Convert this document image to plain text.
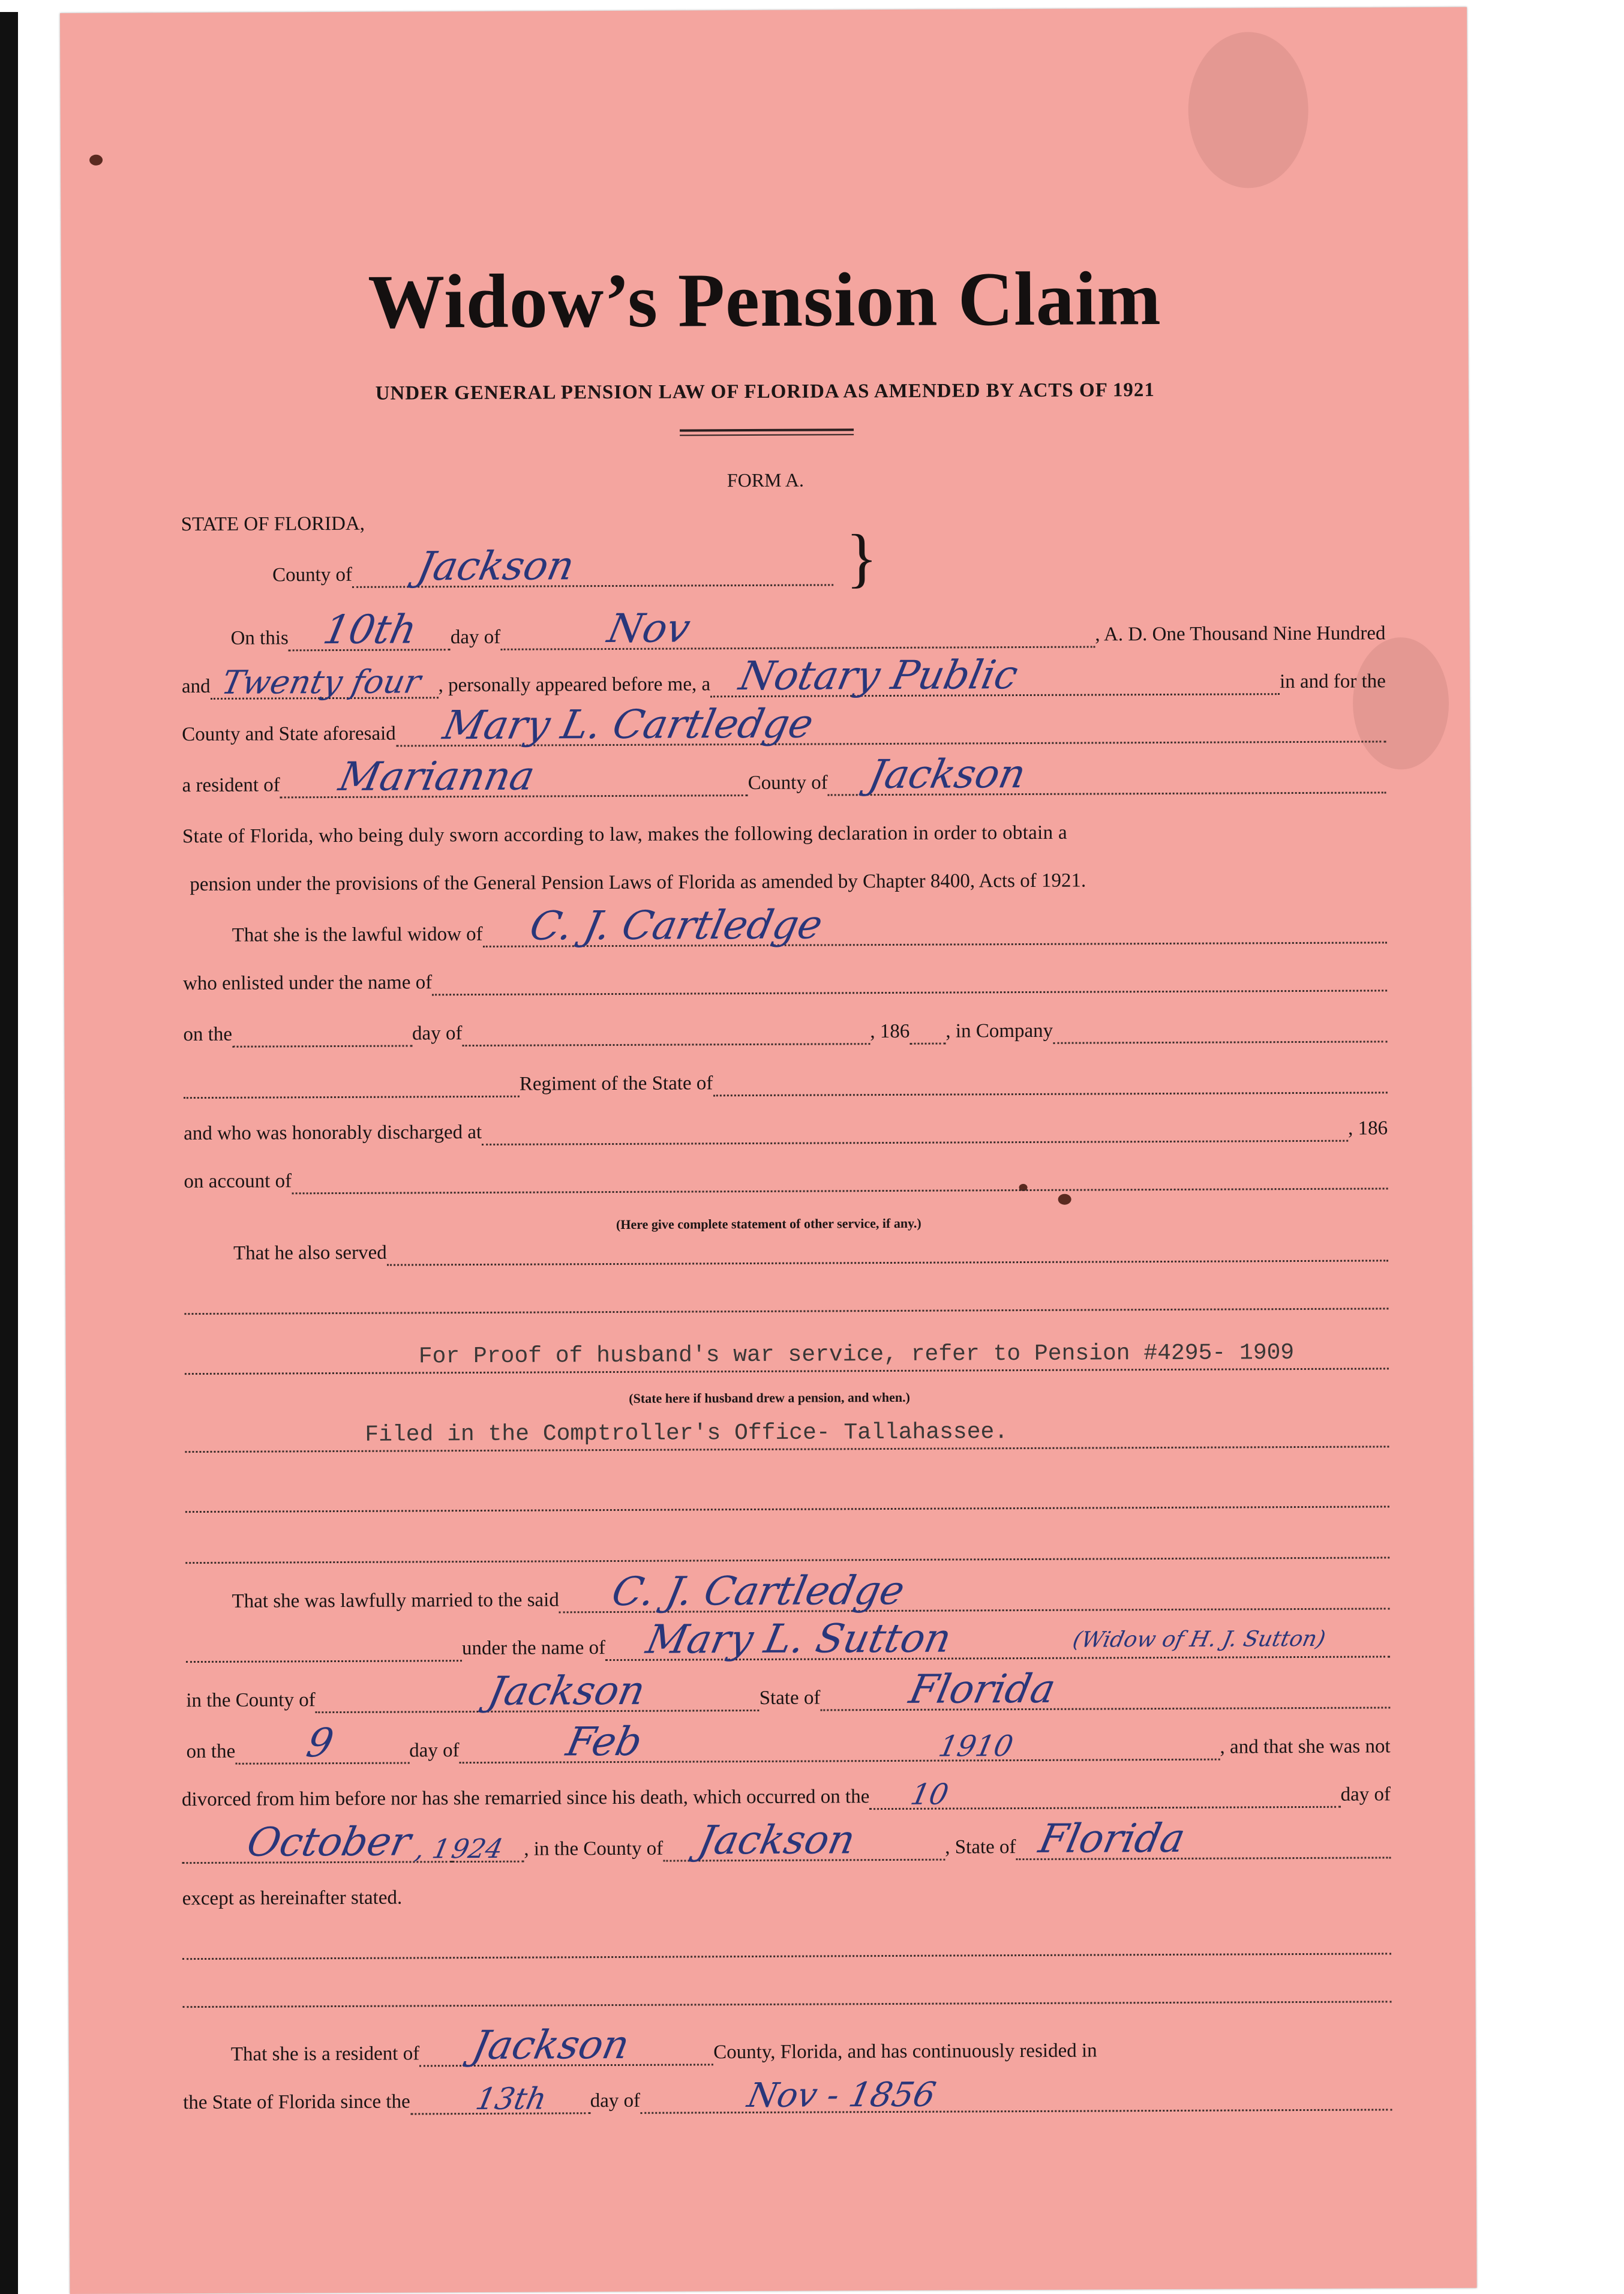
Widow’s Pension Claim
UNDER GENERAL PENSION LAW OF FLORIDA AS AMENDED BY ACTS OF 1921
FORM A.
STATE OF FLORIDA,
County of Jackson	}
On this 10th day of	Nov	, A. D. One Thousand Nine Hundred
and Twenty four , personally appeared before me, a Notary Public	in and for the
County and State aforesaid Mary L. Cartledge
a resident of Marianna	County of Jackson
State of Florida, who being duly sworn according to law, makes the following declaration in order to obtain a
pension under the provisions of the General Pension Laws of Florida as amended by Chapter 8400, Acts of 1921.
That she is the lawful widow of C. J. Cartledge
who enlisted under the name of
on the	day of	, 186 , in Company
Regiment of the State of
and who was honorably discharged at	, 186
on account of
(Here give complete statement of other service, if any.)
That he also served
For Proof of husband's war service, refer to Pension #4295- 1909
(State here if husband drew a pension, and when.)
Filed in the Comptroller's Office- Tallahassee.
That she was lawfully married to the said C. J. Cartledge
under the name of Mary L. Sutton	(Widow of H. J. Sutton)
in the County of	Jackson	State of Florida
on the 9	day of	Feb	1910	, and that she was not
divorced from him before nor has she remarried since his death, which occurred on the 10	day of
October
, 1
924 , in the County of Jackson	, State of Florida
except as hereinafter stated.
That she is a resident of Jackson	County, Florida, and has continuously resided in
the State of Florida since the 13th day of	Nov - 1856
